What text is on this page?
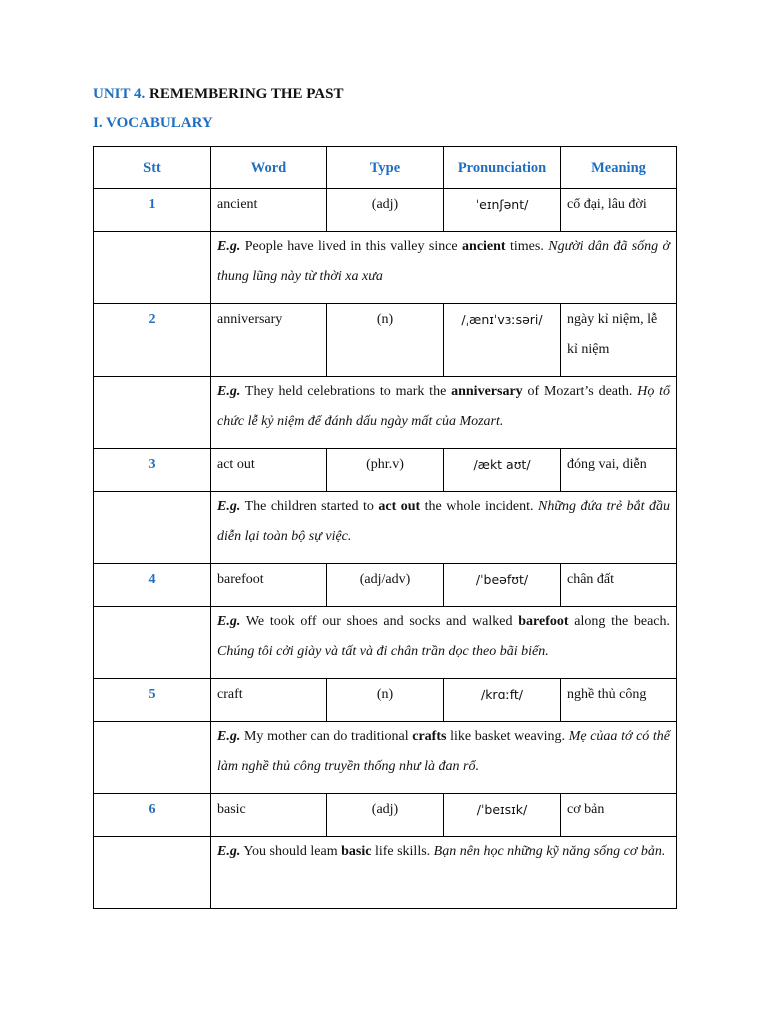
UNIT 4. REMEMBERING THE PAST
I. VOCABULARY
Stt	Word	Type	Pronunciation	Meaning
1	ancient	(adj)	ˈeɪnʃənt/	cổ đại, lâu đời
	E.g. People have lived in this valley since ancient times. Người dân đã sống ở thung lũng này từ thời xa xưa			
2	anniversary	(n)	/ˌænɪˈvɜːsəri/	ngày kỉ niệm, lễ kỉ niệm
	E.g. They held celebrations to mark the anniversary of Mozart’s death. Họ tổ chức lễ kỷ niệm để đánh dấu ngày mất của Mozart.			
3	act out	(phr.v)	/ækt aʊt/	đóng vai, diễn
	E.g. The children started to act out the whole incident. Những đứa trẻ bắt đầu diễn lại toàn bộ sự việc.			
4	barefoot	(adj/adv)	/ˈbeəfʊt/	chân đất
	E.g. We took off our shoes and socks and walked barefoot along the beach. Chúng tôi cởi giày và tất và đi chân trần dọc theo bãi biển.			
5	craft	(n)	/krɑːft/	nghề thủ công
	E.g. My mother can do traditional crafts like basket weaving. Mẹ củaa tớ có thể làm nghề thủ công truyền thống như là đan rổ.			
6	basic	(adj)	/ˈbeɪsɪk/	cơ bản
	E.g. You should leam basic life skills. Bạn nên học những kỹ năng sống cơ bản.			
